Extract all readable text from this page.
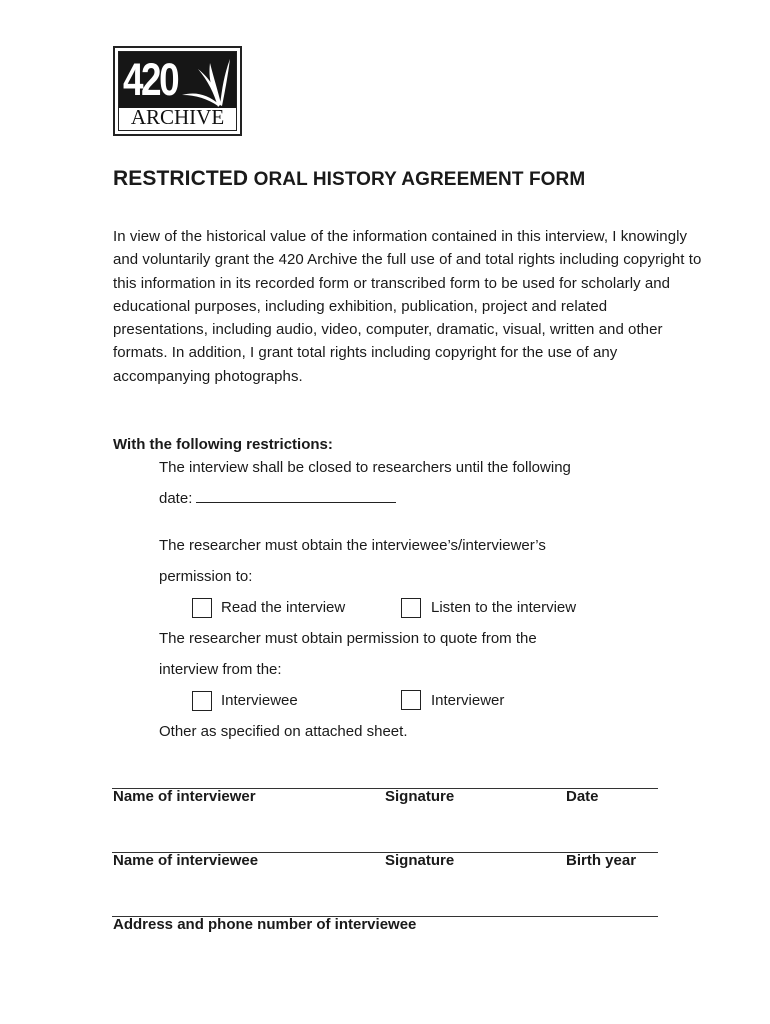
420
ARCHIVE
RESTRICTED ORAL HISTORY AGREEMENT FORM

In view of the historical value of the information contained in this interview, I knowingly and voluntarily grant the 420 Archive the full use of and total rights including copyright to this information in its recorded form or transcribed form to be used for scholarly and educational purposes, including exhibition, publication, project and related presentations, including audio, video, computer, dramatic, visual, written and other formats. In addition, I grant total rights including copyright for the use of any accompanying photographs.

With the following restrictions:

The interview shall be closed to researchers until the following

date:

The researcher must obtain the interviewee’s/interviewer’s

permission to:

Read the interview	Listen to the interview

The researcher must obtain permission to quote from the

interview from the:

Interviewee	Interviewer

Other as specified on attached sheet.

Name of interviewer	Signature	Date

Name of interviewee	Signature	Birth year

Address and phone number of interviewee
